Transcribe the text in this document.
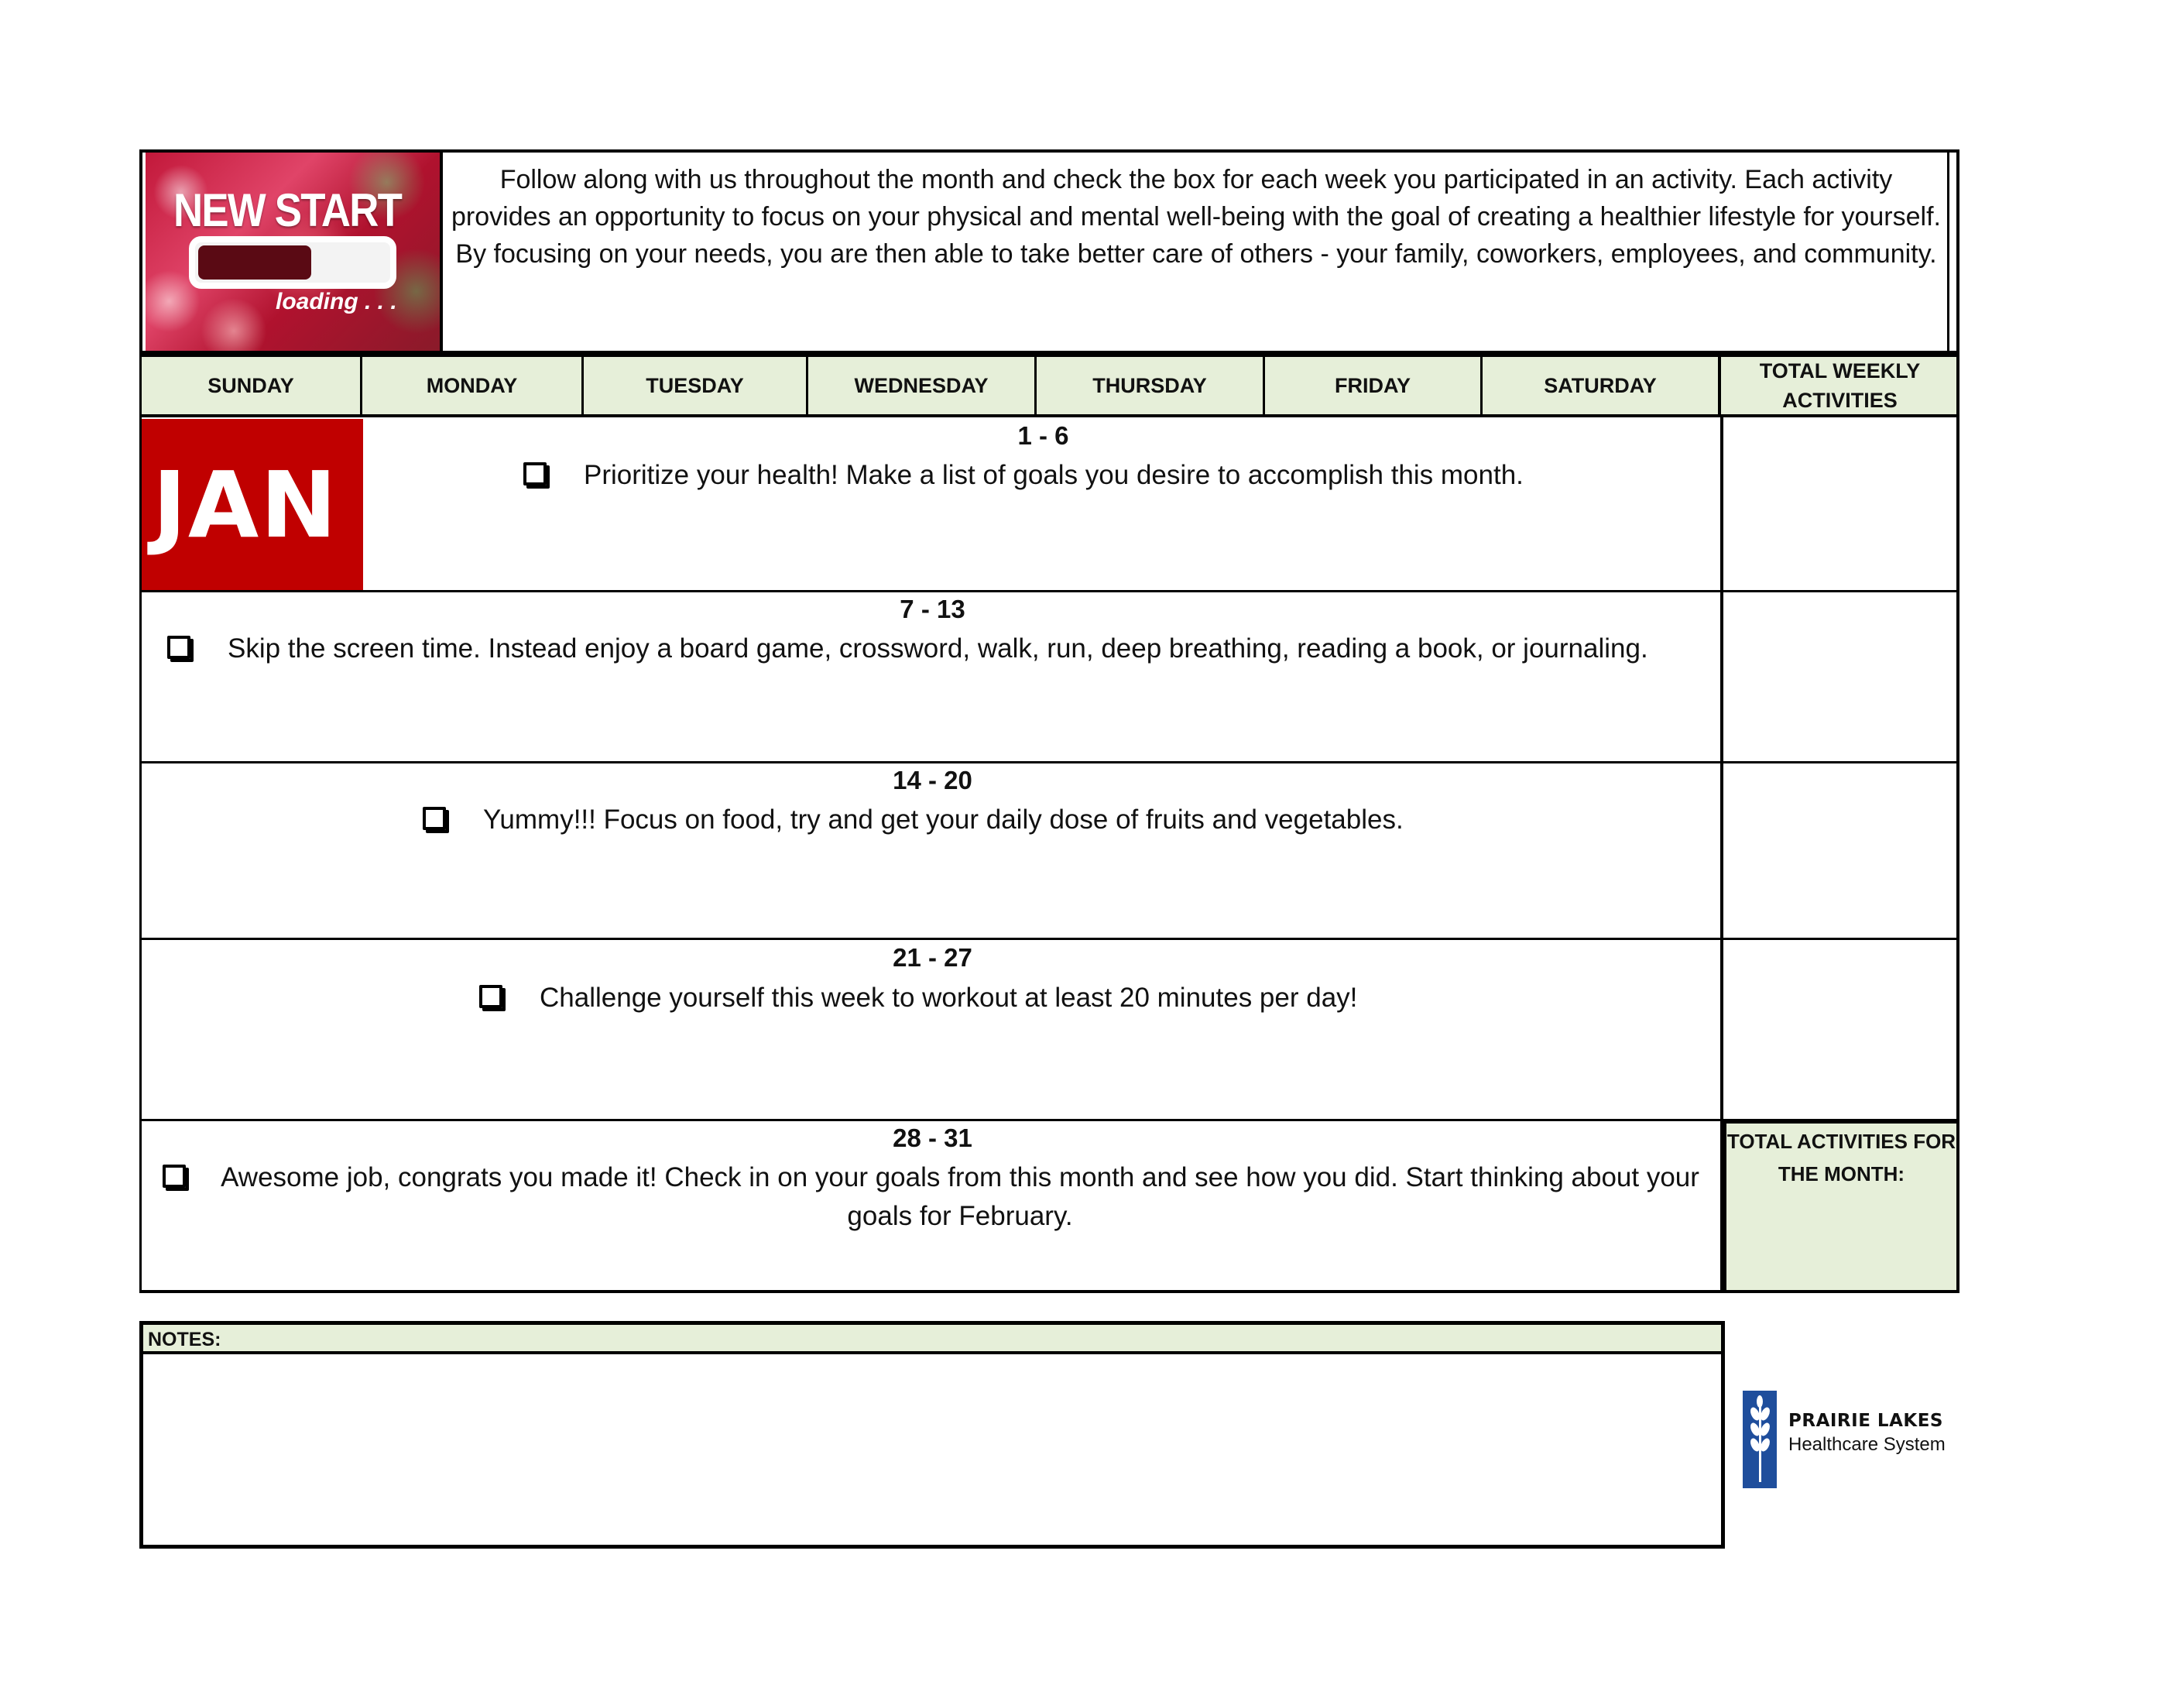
NEW START
loading . . .
Follow along with us throughout the month and check the box for each week you participated in an activity. Each activity provides an opportunity to focus on your physical and mental well-being with the goal of creating a healthier lifestyle for yourself. By focusing on your needs, you are then able to take better care of others - your family, coworkers, employees, and community.
SUNDAY	MONDAY	TUESDAY	WEDNESDAY	THURSDAY	FRIDAY	SATURDAY
TOTAL WEEKLY ACTIVITIES
JAN
1 - 6
Prioritize your health! Make a list of goals you desire to accomplish this month.
7 - 13
Skip the screen time. Instead enjoy a board game, crossword, walk, run, deep breathing, reading a book, or journaling.
14 - 20
Yummy!!! Focus on food, try and get your daily dose of fruits and vegetables.
21 - 27
Challenge yourself this week to workout at least 20 minutes per day!
28 - 31
Awesome job, congrats you made it! Check in on your goals from this month and see how you did. Start thinking about your goals for February.
TOTAL ACTIVITIES FOR THE MONTH:
NOTES:
PRAIRIE LAKES
Healthcare System
